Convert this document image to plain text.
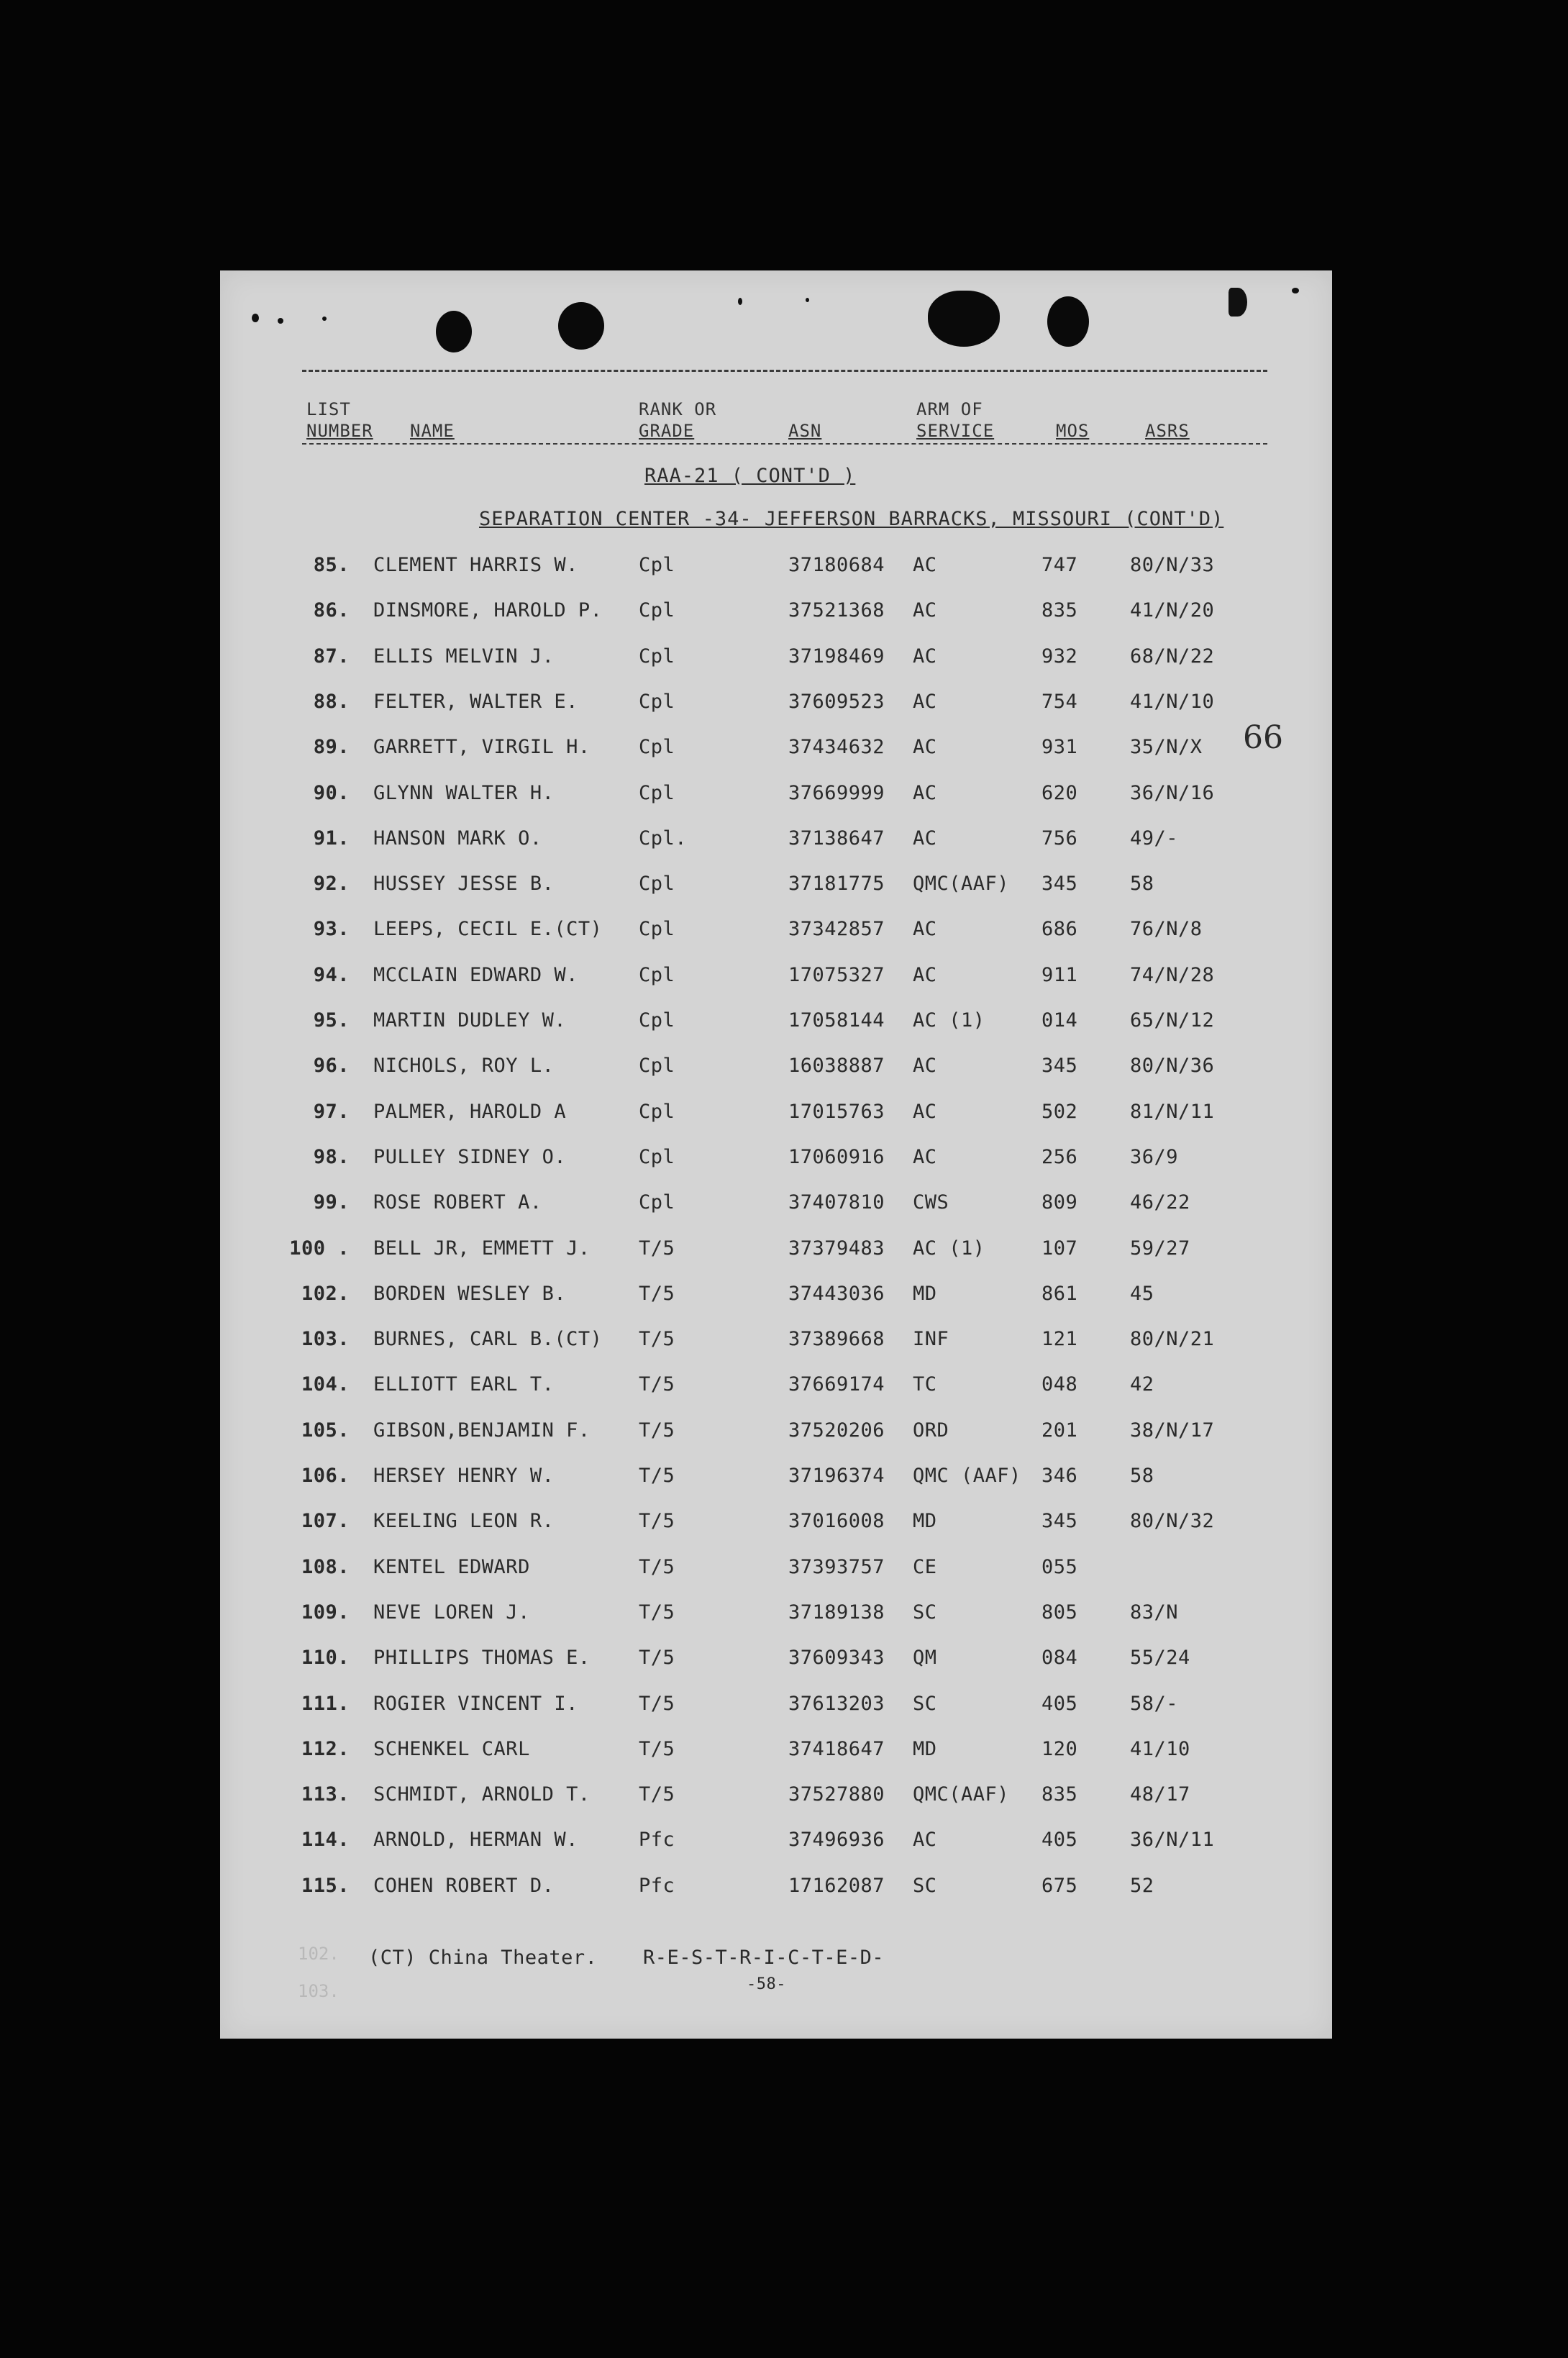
LIST
NUMBER NAME
RANK OR
GRADE	ASN
ARM OF
SERVICE	MOS	ASRS
RAA-21 ( CONT'D )
SEPARATION CENTER -34- JEFFERSON BARRACKS, MISSOURI (CONT'D)
66
85. CLEMENT HARRIS W.	Cpl	37180684 AC	747	80/N/33
86. DINSMORE, HAROLD P. Cpl	37521368 AC	835	41/N/20
87. ELLIS MELVIN J.	Cpl	37198469 AC	932	68/N/22
88. FELTER, WALTER E.	Cpl	37609523 AC	754	41/N/10
89. GARRETT, VIRGIL H. Cpl	37434632 AC	931	35/N/X
90. GLYNN WALTER H.	Cpl	37669999 AC	620	36/N/16
91. HANSON MARK O.	Cpl.	37138647 AC	756	49/-
92. HUSSEY JESSE B.	Cpl	37181775 QMC(AAF) 345	58
93. LEEPS, CECIL E.(CT) Cpl	37342857 AC	686	76/N/8
94. MCCLAIN EDWARD W.	Cpl	17075327 AC	911	74/N/28
95. MARTIN DUDLEY W.	Cpl	17058144 AC (1)	014	65/N/12
96. NICHOLS, ROY L.	Cpl	16038887 AC	345	80/N/36
97. PALMER, HAROLD A	Cpl	17015763 AC	502	81/N/11
98. PULLEY SIDNEY O.	Cpl	17060916 AC	256	36/9
99. ROSE ROBERT A.	Cpl	37407810 CWS	809	46/22
100 . BELL JR, EMMETT J. T/5	37379483 AC (1)	107	59/27
102. BORDEN WESLEY B.	T/5	37443036 MD	861	45
103. BURNES, CARL B.(CT) T/5	37389668 INF	121	80/N/21
104. ELLIOTT EARL T.	T/5	37669174 TC	048	42
105. GIBSON,BENJAMIN F. T/5	37520206 ORD	201	38/N/17
106. HERSEY HENRY W.	T/5	37196374 QMC (AAF) 346	58
107. KEELING LEON R.	T/5	37016008 MD	345	80/N/32
108. KENTEL EDWARD	T/5	37393757 CE	055
109. NEVE LOREN J.	T/5	37189138 SC	805	83/N
110. PHILLIPS THOMAS E. T/5	37609343 QM	084	55/24
111. ROGIER VINCENT I.	T/5	37613203 SC	405	58/-
112. SCHENKEL CARL	T/5	37418647 MD	120	41/10
113. SCHMIDT, ARNOLD T. T/5	37527880 QMC(AAF) 835	48/17
114. ARNOLD, HERMAN W.	Pfc	37496936 AC	405	36/N/11
115. COHEN ROBERT D.	Pfc	17162087 SC	675	52
102.
103.
(CT) China Theater. R-E-S-T-R-I-C-T-E-D-
-58-
